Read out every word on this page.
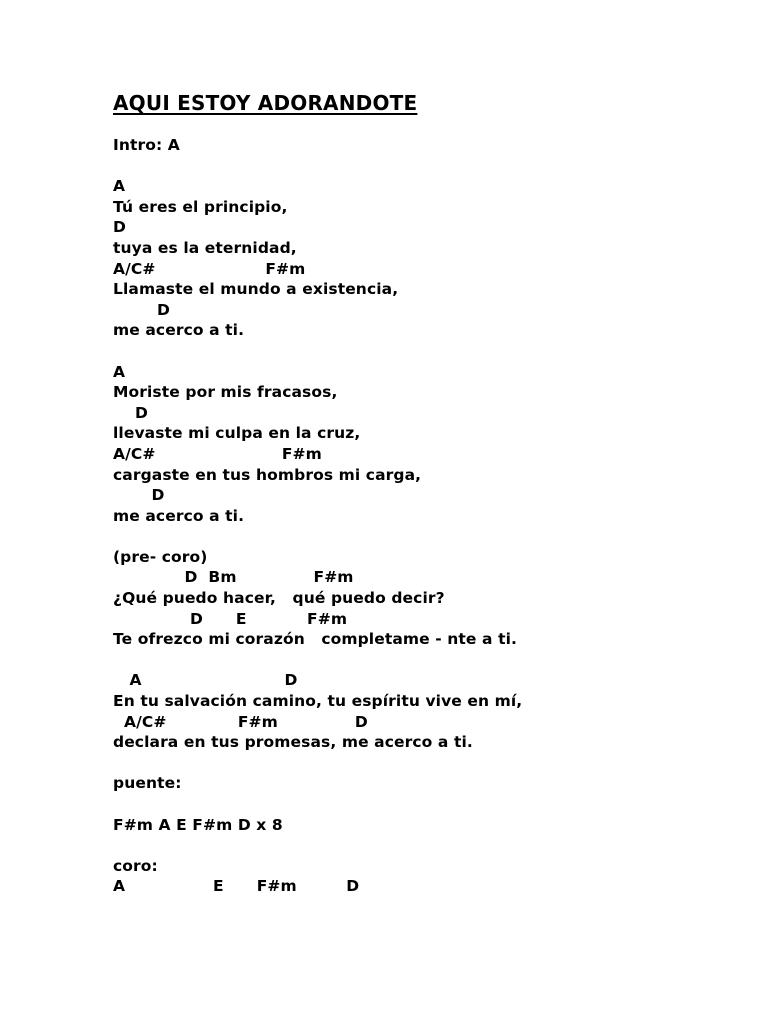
AQUI ESTOY ADORANDOTE
Intro: A
A
Tú eres el principio,
D
tuya es la eternidad,
A/C#                    F#m
Llamaste el mundo a existencia,
D
me acerco a ti.
A
Moriste por mis fracasos,
D
llevaste mi culpa en la cruz,
A/C#                       F#m
cargaste en tus hombros mi carga,
D
me acerco a ti.
(pre- coro)
D  Bm              F#m
¿Qué puedo hacer,   qué puedo decir?
D      E           F#m
Te ofrezco mi corazón   completame - nte a ti.
A                          D
En tu salvación camino, tu espíritu vive en mí,
A/C#             F#m              D
declara en tus promesas, me acerco a ti.
puente:
F#m A E F#m D x 8
coro:
A                E      F#m         D
